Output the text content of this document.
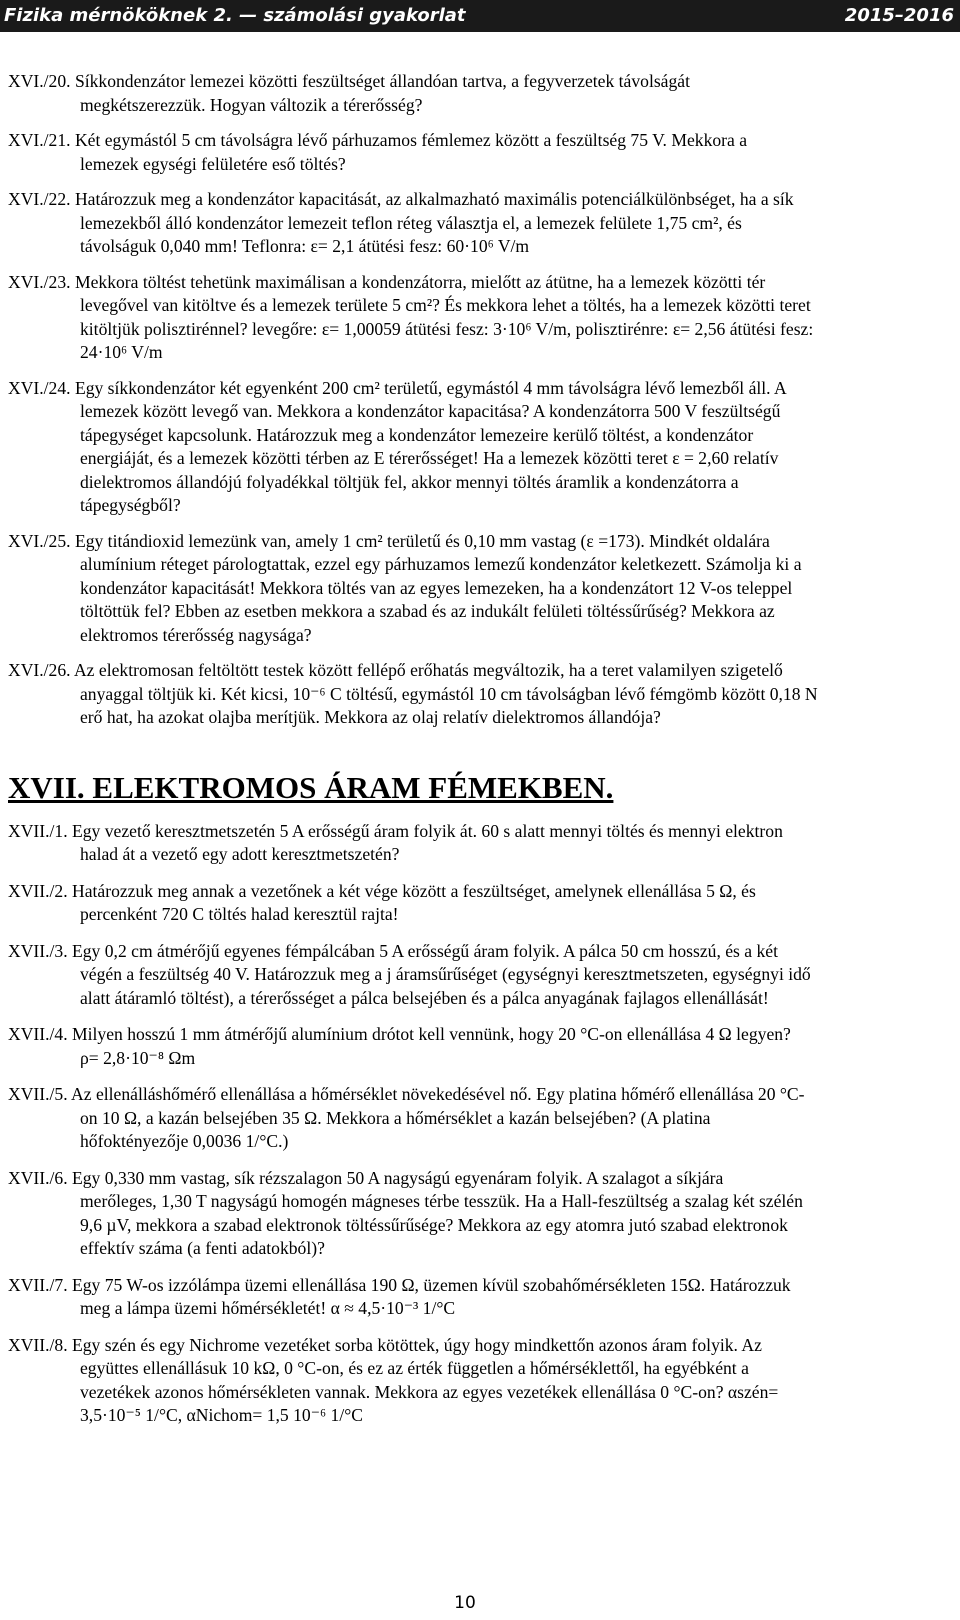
Fizika mérnököknek 2. — számolási gyakorlat	2015–2016
XVI./20. Síkkondenzátor lemezei közötti feszültséget állandóan tartva, a fegyverzetek távolságát
megkétszerezzük. Hogyan változik a térerősség?
XVI./21. Két egymástól 5 cm távolságra lévő párhuzamos fémlemez között a feszültség 75 V. Mekkora a
lemezek egységi felületére eső töltés?
XVI./22. Határozzuk meg a kondenzátor kapacitását, az alkalmazható maximális potenciálkülönbséget, ha a sík
lemezekből álló kondenzátor lemezeit teflon réteg választja el, a lemezek felülete 1,75 cm², és
távolságuk 0,040 mm! Teflonra: ε= 2,1 átütési fesz: 60·10⁶ V/m
XVI./23. Mekkora töltést tehetünk maximálisan a kondenzátorra, mielőtt az átütne, ha a lemezek közötti tér
levegővel van kitöltve és a lemezek területe 5 cm²? És mekkora lehet a töltés, ha a lemezek közötti teret
kitöltjük polisztirénnel? levegőre: ε= 1,00059 átütési fesz: 3·10⁶ V/m, polisztirénre: ε= 2,56 átütési fesz:
24·10⁶ V/m
XVI./24. Egy síkkondenzátor két egyenként 200 cm² területű, egymástól 4 mm távolságra lévő lemezből áll. A
lemezek között levegő van. Mekkora a kondenzátor kapacitása? A kondenzátorra 500 V feszültségű
tápegységet kapcsolunk. Határozzuk meg a kondenzátor lemezeire kerülő töltést, a kondenzátor
energiáját, és a lemezek közötti térben az E térerősséget! Ha a lemezek közötti teret ε = 2,60 relatív
dielektromos állandójú folyadékkal töltjük fel, akkor mennyi töltés áramlik a kondenzátorra a
tápegységből?
XVI./25. Egy titándioxid lemezünk van, amely 1 cm² területű és 0,10 mm vastag (ε =173). Mindkét oldalára
alumínium réteget párologtattak, ezzel egy párhuzamos lemezű kondenzátor keletkezett. Számolja ki a
kondenzátor kapacitását! Mekkora töltés van az egyes lemezeken, ha a kondenzátort 12 V-os teleppel
töltöttük fel? Ebben az esetben mekkora a szabad és az indukált felületi töltéssűrűség? Mekkora az
elektromos térerősség nagysága?
XVI./26. Az elektromosan feltöltött testek között fellépő erőhatás megváltozik, ha a teret valamilyen szigetelő
anyaggal töltjük ki. Két kicsi, 10⁻⁶ C töltésű, egymástól 10 cm távolságban lévő fémgömb között 0,18 N
erő hat, ha azokat olajba merítjük. Mekkora az olaj relatív dielektromos állandója?
XVII. ELEKTROMOS ÁRAM FÉMEKBEN.
XVII./1. Egy vezető keresztmetszetén 5 A erősségű áram folyik át. 60 s alatt mennyi töltés és mennyi elektron
halad át a vezető egy adott keresztmetszetén?
XVII./2. Határozzuk meg annak a vezetőnek a két vége között a feszültséget, amelynek ellenállása 5 Ω, és
percenként 720 C töltés halad keresztül rajta!
XVII./3. Egy 0,2 cm átmérőjű egyenes fémpálcában 5 A erősségű áram folyik. A pálca 50 cm hosszú, és a két
végén a feszültség 40 V. Határozzuk meg a j áramsűrűséget (egységnyi keresztmetszeten, egységnyi idő
alatt átáramló töltést), a térerősséget a pálca belsejében és a pálca anyagának fajlagos ellenállását!
XVII./4. Milyen hosszú 1 mm átmérőjű alumínium drótot kell vennünk, hogy 20 °C-on ellenállása 4 Ω legyen?
ρ= 2,8·10⁻⁸ Ωm
XVII./5. Az ellenálláshőmérő ellenállása a hőmérséklet növekedésével nő. Egy platina hőmérő ellenállása 20 °C-
on 10 Ω, a kazán belsejében 35 Ω. Mekkora a hőmérséklet a kazán belsejében? (A platina
hőfoktényezője 0,0036 1/°C.)
XVII./6. Egy 0,330 mm vastag, sík rézszalagon 50 A nagyságú egyenáram folyik. A szalagot a síkjára
merőleges, 1,30 T nagyságú homogén mágneses térbe tesszük. Ha a Hall-feszültség a szalag két szélén
9,6 µV, mekkora a szabad elektronok töltéssűrűsége? Mekkora az egy atomra jutó szabad elektronok
effektív száma (a fenti adatokból)?
XVII./7. Egy 75 W-os izzólámpa üzemi ellenállása 190 Ω, üzemen kívül szobahőmérsékleten 15Ω. Határozzuk
meg a lámpa üzemi hőmérsékletét! α ≈ 4,5·10⁻³ 1/°C
XVII./8. Egy szén és egy Nichrome vezetéket sorba kötöttek, úgy hogy mindkettőn azonos áram folyik. Az
együttes ellenállásuk 10 kΩ, 0 °C-on, és ez az érték független a hőmérséklettől, ha egyébként a
vezetékek azonos hőmérsékleten vannak. Mekkora az egyes vezetékek ellenállása 0 °C-on? αszén=
3,5·10⁻⁵ 1/°C, αNichom= 1,5 10⁻⁶ 1/°C
10
